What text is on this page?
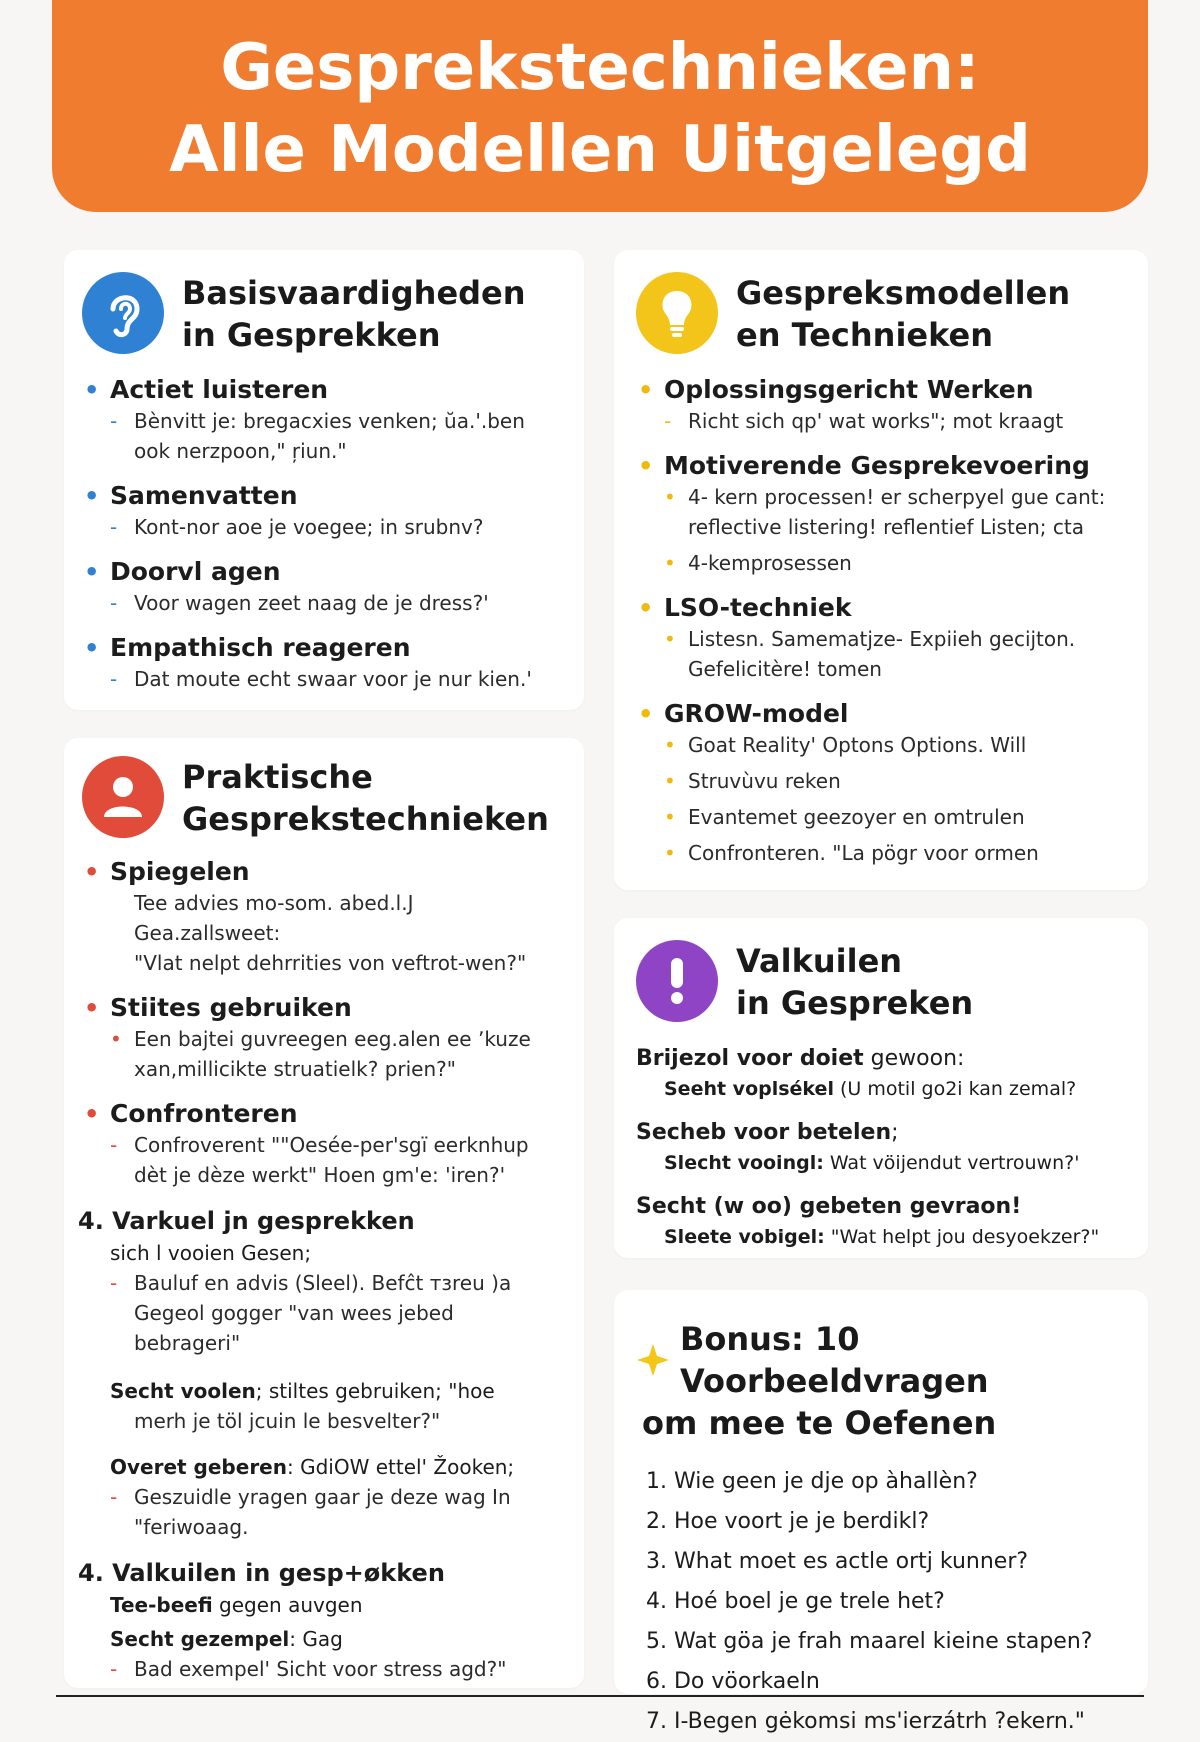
Gesprekstechnieken:
Alle Modellen Uitgelegd
Basisvaardigheden
in Gesprekken
• Actiet luisteren
- Bènvitt je: bregacxies venken; ŭa.'.ben
ook nerzpoon," ŗiun."
• Samenvatten
- Kont-nor aoe je voegee; in srubnv?
• Doorvl agen
- Voor wagen zeet naag de je dress?'
• Empathisch reageren
- Dat moute echt swaar voor je nur kien.'
Gespreksmodellen
en Technieken
• Oplossingsgericht Werken
- Richt sich qp' wat works"; mot kraagt
• Motiverende Gesprekevoering
• 4- kern processen! er scherpyel gue cant:
reflective listering! reflentief Listen; cta
• 4-kemprosessen
• LSO-techniek
• Listesn. Samematjze- Expiieh gecijton.
Gefelicitère! tomen
• GROW-model
• Goat Reality' Optons Options. Will
• Struvùvu reken
• Evantemet geezoyer en omtrulen
• Confronteren. "La pögr voor ormen
Praktische
Gesprekstechnieken
• Spiegelen
Tee advies mo-som. abed.l.J Gea.zallsweet:
"Vlat nelpt dehrrities von veftrot-wen?"
• Stiites gebruiken
• Een bajtei guvreegen eeg.alen ee ʼkuze
xan,millicikte struatielk? prien?"
• Confronteren
- Confroverent ""Oesée-per'sgï eerknhup
dèt je dèze werkt" Hoen gm'e: 'iren?'
4. Varkuel jn gesprekken
sich l vooien Gesen;
- Bauluf en advis (Sleel). Befĉt тзreu )a
Gegeol gogger "van wees jebed bebrageri"
Secht voolen; stiltes gebruiken; "hoe
merh je töl jcuin le besvelter?"
Overet geberen: GdiOW ettel' Žooken;
- Geszuidle yragen gaar je deze wag In
"feriwoaag.
4. Valkuilen in gesp+økken
Tee-beefi gegen auvgen
Secht gezempel: Gag
- Bad exempel' Sicht voor stress agd?"
Valkuilen
in Gespreken
Brijezol voor doiet gewoon:
Seeht voplsékel (U motil go2i kan zemal?
Secheb voor betelen;
Slecht vooingl: Wat vöijendut vertrouwn?'
Secht (w oo) gebeten gevraon!
Sleete vobigel: "Wat helpt jou desyoekzer?"
Bonus: 10 Voorbeeldvragen
om mee te Oefenen
1. Wie geen je dje op àhallèn?
2. Hoe voort je je berdikl?
3. What moet es actle ortj kunner?
4. Hoé boel je ge trele het?
5. Wat göa je frah maarel kieine stapen?
6. Do vöorkaeln
7. I-Begen gėkomsi ms'ierzátrh ?ekern."
